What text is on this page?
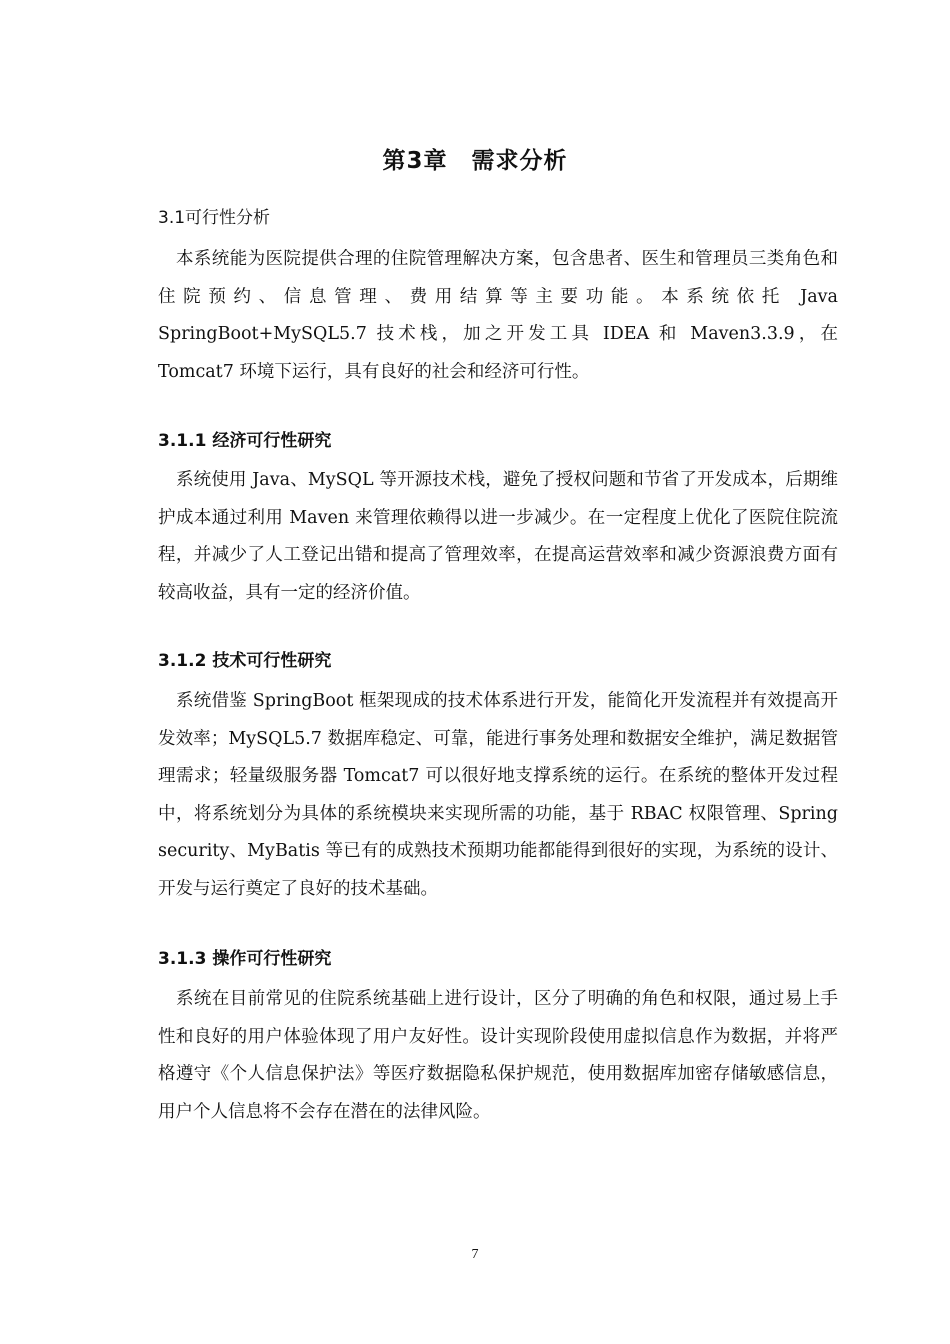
第3章　需求分析
3.1可行性分析
本系统能为医院提供合理的住院管理解决方案，包含患者、医生和管理员三类角色和住院预约、信息管理、费用结算等主要功能。本系统依托 Java SpringBoot+MySQL5.7 技术栈，加之开发工具 IDEA 和 Maven3.3.9，在 Tomcat7 环境下运行，具有良好的社会和经济可行性。
3.1.1 经济可行性研究
系统使用 Java、MySQL 等开源技术栈，避免了授权问题和节省了开发成本，后期维护成本通过利用 Maven 来管理依赖得以进一步减少。在一定程度上优化了医院住院流程，并减少了人工登记出错和提高了管理效率，在提高运营效率和减少资源浪费方面有较高收益，具有一定的经济价值。
3.1.2 技术可行性研究
系统借鉴 SpringBoot 框架现成的技术体系进行开发，能简化开发流程并有效提高开发效率；MySQL5.7 数据库稳定、可靠，能进行事务处理和数据安全维护，满足数据管理需求；轻量级服务器 Tomcat7 可以很好地支撑系统的运行。在系统的整体开发过程中，将系统划分为具体的系统模块来实现所需的功能，基于 RBAC 权限管理、Spring security、MyBatis 等已有的成熟技术预期功能都能得到很好的实现，为系统的设计、开发与运行奠定了良好的技术基础。
3.1.3 操作可行性研究
系统在目前常见的住院系统基础上进行设计，区分了明确的角色和权限，通过易上手性和良好的用户体验体现了用户友好性。设计实现阶段使用虚拟信息作为数据，并将严格遵守《个人信息保护法》等医疗数据隐私保护规范，使用数据库加密存储敏感信息，用户个人信息将不会存在潜在的法律风险。
7
